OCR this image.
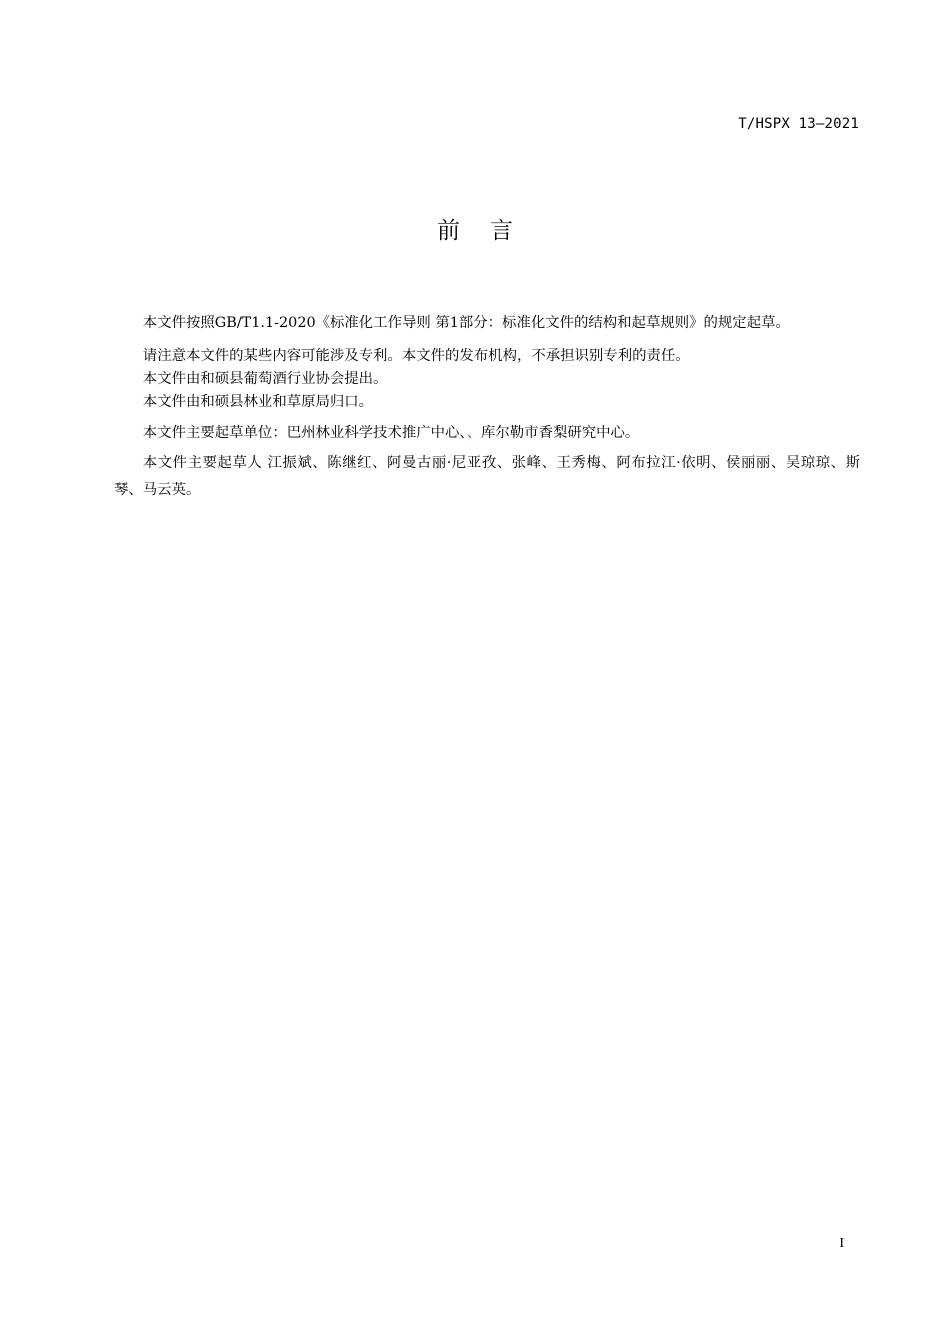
T/HSPX 13—2021
前言

本文件按照GB/T1.1-2020《标准化工作导则 第1部分：标准化文件的结构和起草规则》的规定起草。

请注意本文件的某些内容可能涉及专利。本文件的发布机构，不承担识别专利的责任。

本文件由和硕县葡萄酒行业协会提出。

本文件由和硕县林业和草原局归口。

本文件主要起草单位：巴州林业科学技术推广中心、、库尔勒市香梨研究中心。

本文件主要起草人 江振斌、陈继红、阿曼古丽·尼亚孜、张峰、王秀梅、阿布拉江·依明、侯丽丽、吴琼琼、斯琴、马云英。

I
